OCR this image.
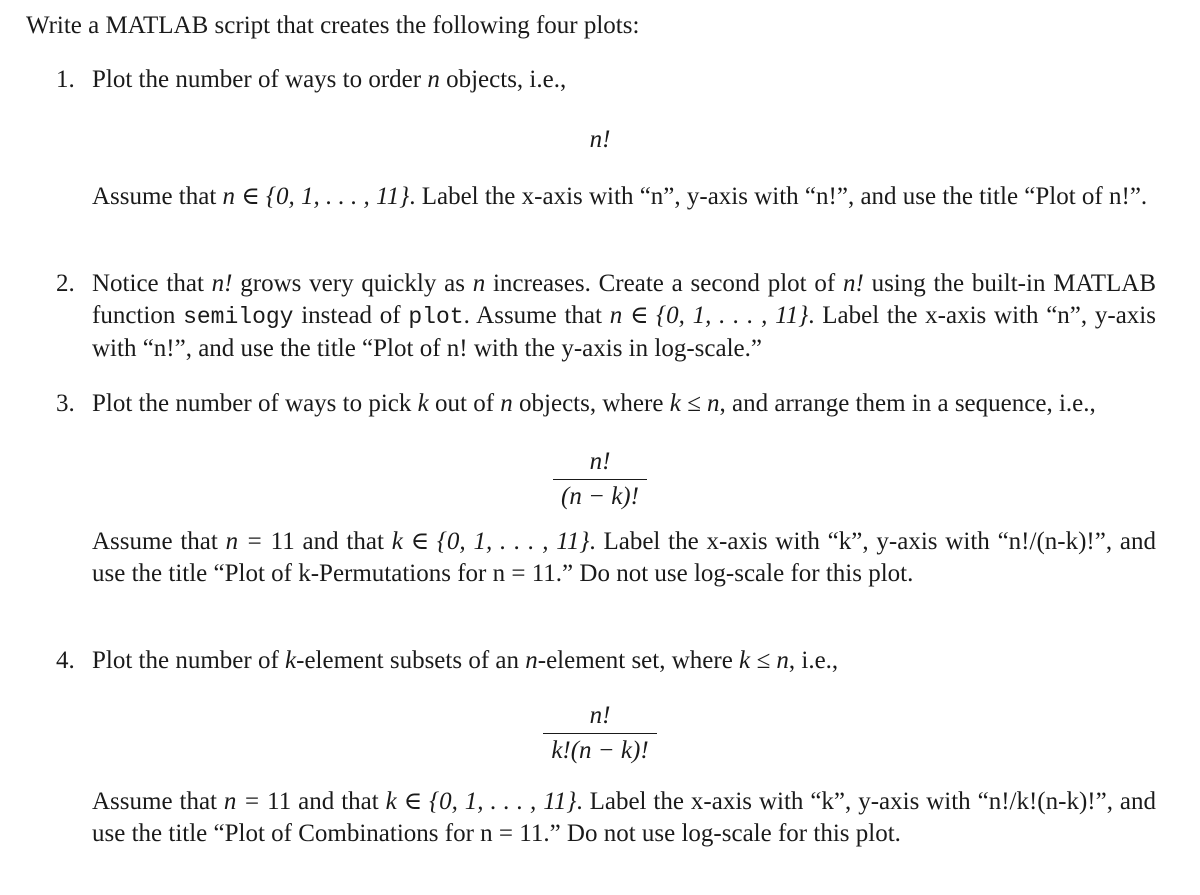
Write a MATLAB script that creates the following four plots:
1. Plot the number of ways to order n objects, i.e.,
n!
Assume that n ∈ {0, 1, . . . , 11}. Label the x-axis with “n”, y-axis with “n!”, and use the title “Plot of n!”.
2. Notice that n! grows very quickly as n increases. Create a second plot of n! using the built-in MATLAB function semilogy instead of plot. Assume that n ∈ {0, 1, . . . , 11}. Label the x-axis with “n”, y-axis with “n!”, and use the title “Plot of n! with the y-axis in log-scale.”
3. Plot the number of ways to pick k out of n objects, where k ≤ n, and arrange them in a sequence, i.e.,
$\frac{n!}{(n - k)!}$
Assume that n = 11 and that k ∈ {0, 1, . . . , 11}. Label the x-axis with “k”, y-axis with “n!/(n-k)!”, and use the title “Plot of k-Permutations for n = 11.” Do not use log-scale for this plot.
4. Plot the number of k-element subsets of an n-element set, where k ≤ n, i.e.,
$\frac{n!}{k!(n - k)!}$
Assume that n = 11 and that k ∈ {0, 1, . . . , 11}. Label the x-axis with “k”, y-axis with “n!/k!(n-k)!”, and use the title “Plot of Combinations for n = 11.” Do not use log-scale for this plot.
